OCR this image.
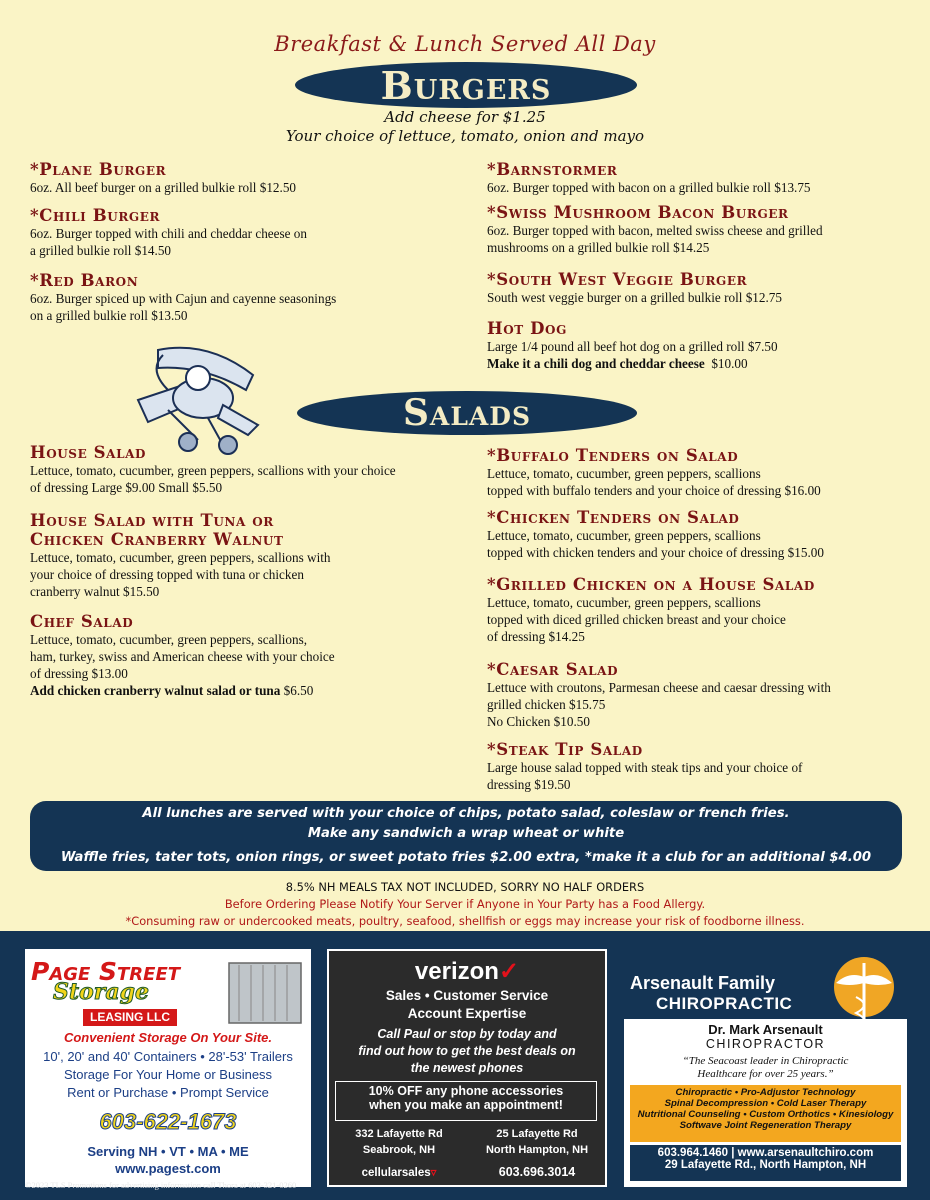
Breakfast & Lunch Served All Day
Burgers
Add cheese for $1.25
Your choice of lettuce, tomato, onion and mayo
*Plane Burger
6oz. All beef burger on a grilled bulkie roll $12.50
*Chili Burger
6oz. Burger topped with chili and cheddar cheese on
a grilled bulkie roll $14.50
*Red Baron
6oz. Burger spiced up with Cajun and cayenne seasonings
on a grilled bulkie roll $13.50
*Barnstormer
6oz. Burger topped with bacon on a grilled bulkie roll $13.75
*Swiss Mushroom Bacon Burger
6oz. Burger topped with bacon, melted swiss cheese and grilled
mushrooms on a grilled bulkie roll $14.25
*South West Veggie Burger
South west veggie burger on a grilled bulkie roll $12.75
Hot Dog
Large 1/4 pound all beef hot dog on a grilled roll $7.50
Make it a chili dog and cheddar cheese $10.00
Salads
House Salad
Lettuce, tomato, cucumber, green peppers, scallions with your choice
of dressing Large $9.00 Small $5.50
House Salad with Tuna or
Chicken Cranberry Walnut
Lettuce, tomato, cucumber, green peppers, scallions with
your choice of dressing topped with tuna or chicken
cranberry walnut $15.50
Chef Salad
Lettuce, tomato, cucumber, green peppers, scallions,
ham, turkey, swiss and American cheese with your choice
of dressing $13.00
Add chicken cranberry walnut salad or tuna $6.50
*Buffalo Tenders on Salad
Lettuce, tomato, cucumber, green peppers, scallions
topped with buffalo tenders and your choice of dressing $16.00
*Chicken Tenders on Salad
Lettuce, tomato, cucumber, green peppers, scallions
topped with chicken tenders and your choice of dressing $15.00
*Grilled Chicken on a House Salad
Lettuce, tomato, cucumber, green peppers, scallions
topped with diced grilled chicken breast and your choice
of dressing $14.25
*Caesar Salad
Lettuce with croutons, Parmesan cheese and caesar dressing with
grilled chicken $15.75
No Chicken $10.50
*Steak Tip Salad
Large house salad topped with steak tips and your choice of
dressing $19.50
All lunches are served with your choice of chips, potato salad, coleslaw or french fries.
Make any sandwich a wrap wheat or white
Waffle fries, tater tots, onion rings, or sweet potato fries $2.00 extra, *make it a club for an additional $4.00
8.5% NH MEALS TAX NOT INCLUDED, SORRY NO HALF ORDERS
Before Ordering Please Notify Your Server if Anyone in Your Party has a Food Allergy.
*Consuming raw or undercooked meats, poultry, seafood, shellfish or eggs may increase your risk of foodborne illness.
Page Street
Storage
LEASING LLC
Convenient Storage On Your Site.
10', 20' and 40' Containers • 28'-53' Trailers
Storage For Your Home or Business
Rent or Purchase • Prompt Service
603-622-1673
Serving NH • VT • MA • ME
www.pagest.com
verizon✓
Sales • Customer Service
Account Expertise
Call Paul or stop by today and
find out how to get the best deals on
the newest phones
10% OFF any phone accessories
when you make an appointment!
332 Lafayette Rd
Seabrook, NH
25 Lafayette Rd
North Hampton, NH
cellularsales▿	603.696.3014
Arsenault Family
CHIROPRACTIC
Dr. Mark Arsenault
CHIROPRACTOR
“The Seacoast leader in Chiropractic
Healthcare for over 25 years.”
Chiropractic • Pro-Adjustor Technology
Spinal Decompression • Cold Laser Therapy
Nutritional Counseling • Custom Orthotics • Kinesiology
Softwave Joint Regeneration Therapy
603.964.1460 | www.arsenaultchiro.com
29 Lafayette Rd., North Hampton, NH
©2023 TLS Promotions for advertising information call Thora at 603-321-0260
